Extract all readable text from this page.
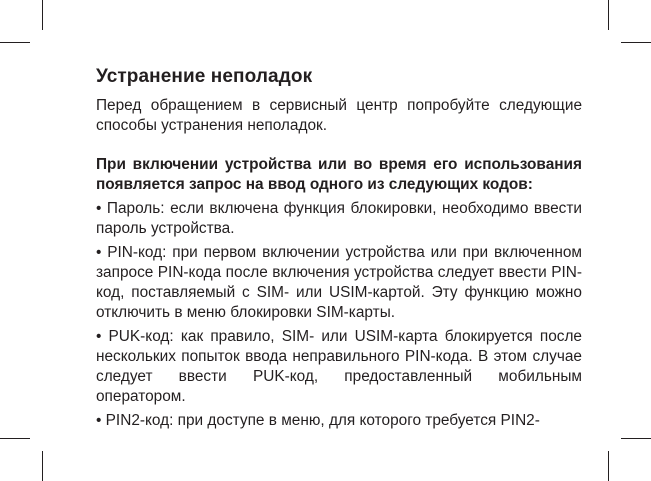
Устранение неполадок

Перед обращением в сервисный центр попробуйте следующие способы устранения неполадок.

При включении устройства или во время его использования появляется запрос на ввод одного из следующих кодов:

• Пароль: если включена функция блокировки, необходимо ввести пароль устройства.

• PIN-код: при первом включении устройства или при включенном запросе PIN-кода после включения устройства следует ввести PIN-код, поставляемый с SIM- или USIM-картой. Эту функцию можно отключить в меню блокировки SIM-карты.

• PUK-код: как правило, SIM- или USIM-карта блокируется после нескольких попыток ввода неправильного PIN-кода. В этом случае следует ввести PUK-код, предоставленный мобильным оператором.

• PIN2-код: при доступе в меню, для которого требуется PIN2-
